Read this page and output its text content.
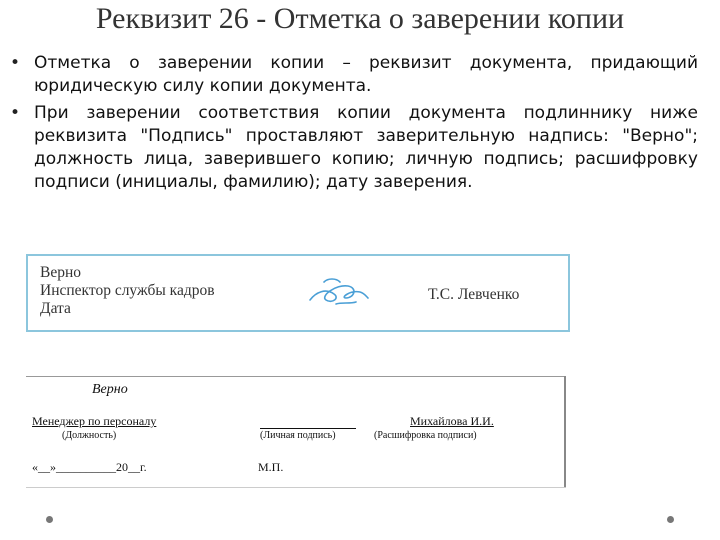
Реквизит 26 - Отметка о заверении копии
• Отметка о заверении копии – реквизит документа, придающий юридическую силу копии документа.
• При заверении соответствия копии документа подлиннику ниже реквизита "Подпись" проставляют заверительную надпись: "Верно"; должность лица, заверившего копию; личную подпись; расшифровку подписи (инициалы, фамилию); дату заверения.
Верно
Инспектор службы кадров
Дата
Т.С. Левченко
Верно
Менеджер по персоналу
(Должность)	(Личная подпись)
Михайлова И.И.
(Расшифровка подписи)
«__»__________20__г.	М.П.
